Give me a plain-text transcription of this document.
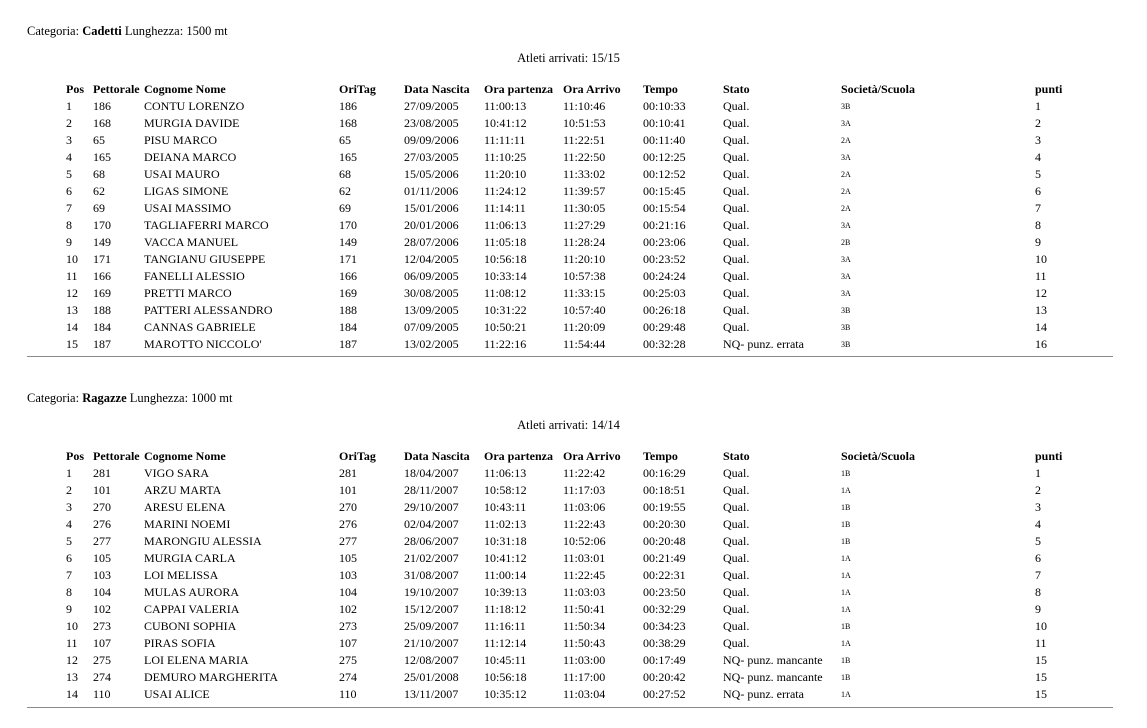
Categoria: Cadetti Lunghezza: 1500 mt
Atleti arrivati: 15/15
Pos	Pettorale	Cognome Nome	OriTag	Data Nascita	Ora partenza	Ora Arrivo	Tempo	Stato	Società/Scuola	punti
1	186	CONTU LORENZO	186	27/09/2005	11:00:13	11:10:46	00:10:33	Qual.	3B	1
2	168	MURGIA DAVIDE	168	23/08/2005	10:41:12	10:51:53	00:10:41	Qual.	3A	2
3	65	PISU MARCO	65	09/09/2006	11:11:11	11:22:51	00:11:40	Qual.	2A	3
4	165	DEIANA MARCO	165	27/03/2005	11:10:25	11:22:50	00:12:25	Qual.	3A	4
5	68	USAI MAURO	68	15/05/2006	11:20:10	11:33:02	00:12:52	Qual.	2A	5
6	62	LIGAS SIMONE	62	01/11/2006	11:24:12	11:39:57	00:15:45	Qual.	2A	6
7	69	USAI MASSIMO	69	15/01/2006	11:14:11	11:30:05	00:15:54	Qual.	2A	7
8	170	TAGLIAFERRI MARCO	170	20/01/2006	11:06:13	11:27:29	00:21:16	Qual.	3A	8
9	149	VACCA MANUEL	149	28/07/2006	11:05:18	11:28:24	00:23:06	Qual.	2B	9
10	171	TANGIANU GIUSEPPE	171	12/04/2005	10:56:18	11:20:10	00:23:52	Qual.	3A	10
11	166	FANELLI ALESSIO	166	06/09/2005	10:33:14	10:57:38	00:24:24	Qual.	3A	11
12	169	PRETTI MARCO	169	30/08/2005	11:08:12	11:33:15	00:25:03	Qual.	3A	12
13	188	PATTERI ALESSANDRO	188	13/09/2005	10:31:22	10:57:40	00:26:18	Qual.	3B	13
14	184	CANNAS GABRIELE	184	07/09/2005	10:50:21	11:20:09	00:29:48	Qual.	3B	14
15	187	MAROTTO NICCOLO'	187	13/02/2005	11:22:16	11:54:44	00:32:28	NQ- punz. errata	3B	16
Categoria: Ragazze Lunghezza: 1000 mt
Atleti arrivati: 14/14
Pos	Pettorale	Cognome Nome	OriTag	Data Nascita	Ora partenza	Ora Arrivo	Tempo	Stato	Società/Scuola	punti
1	281	VIGO SARA	281	18/04/2007	11:06:13	11:22:42	00:16:29	Qual.	1B	1
2	101	ARZU MARTA	101	28/11/2007	10:58:12	11:17:03	00:18:51	Qual.	1A	2
3	270	ARESU ELENA	270	29/10/2007	10:43:11	11:03:06	00:19:55	Qual.	1B	3
4	276	MARINI NOEMI	276	02/04/2007	11:02:13	11:22:43	00:20:30	Qual.	1B	4
5	277	MARONGIU ALESSIA	277	28/06/2007	10:31:18	10:52:06	00:20:48	Qual.	1B	5
6	105	MURGIA CARLA	105	21/02/2007	10:41:12	11:03:01	00:21:49	Qual.	1A	6
7	103	LOI MELISSA	103	31/08/2007	11:00:14	11:22:45	00:22:31	Qual.	1A	7
8	104	MULAS AURORA	104	19/10/2007	10:39:13	11:03:03	00:23:50	Qual.	1A	8
9	102	CAPPAI VALERIA	102	15/12/2007	11:18:12	11:50:41	00:32:29	Qual.	1A	9
10	273	CUBONI SOPHIA	273	25/09/2007	11:16:11	11:50:34	00:34:23	Qual.	1B	10
11	107	PIRAS SOFIA	107	21/10/2007	11:12:14	11:50:43	00:38:29	Qual.	1A	11
12	275	LOI ELENA MARIA	275	12/08/2007	10:45:11	11:03:00	00:17:49	NQ- punz. mancante	1B	15
13	274	DEMURO MARGHERITA	274	25/01/2008	10:56:18	11:17:00	00:20:42	NQ- punz. mancante	1B	15
14	110	USAI ALICE	110	13/11/2007	10:35:12	11:03:04	00:27:52	NQ- punz. errata	1A	15
